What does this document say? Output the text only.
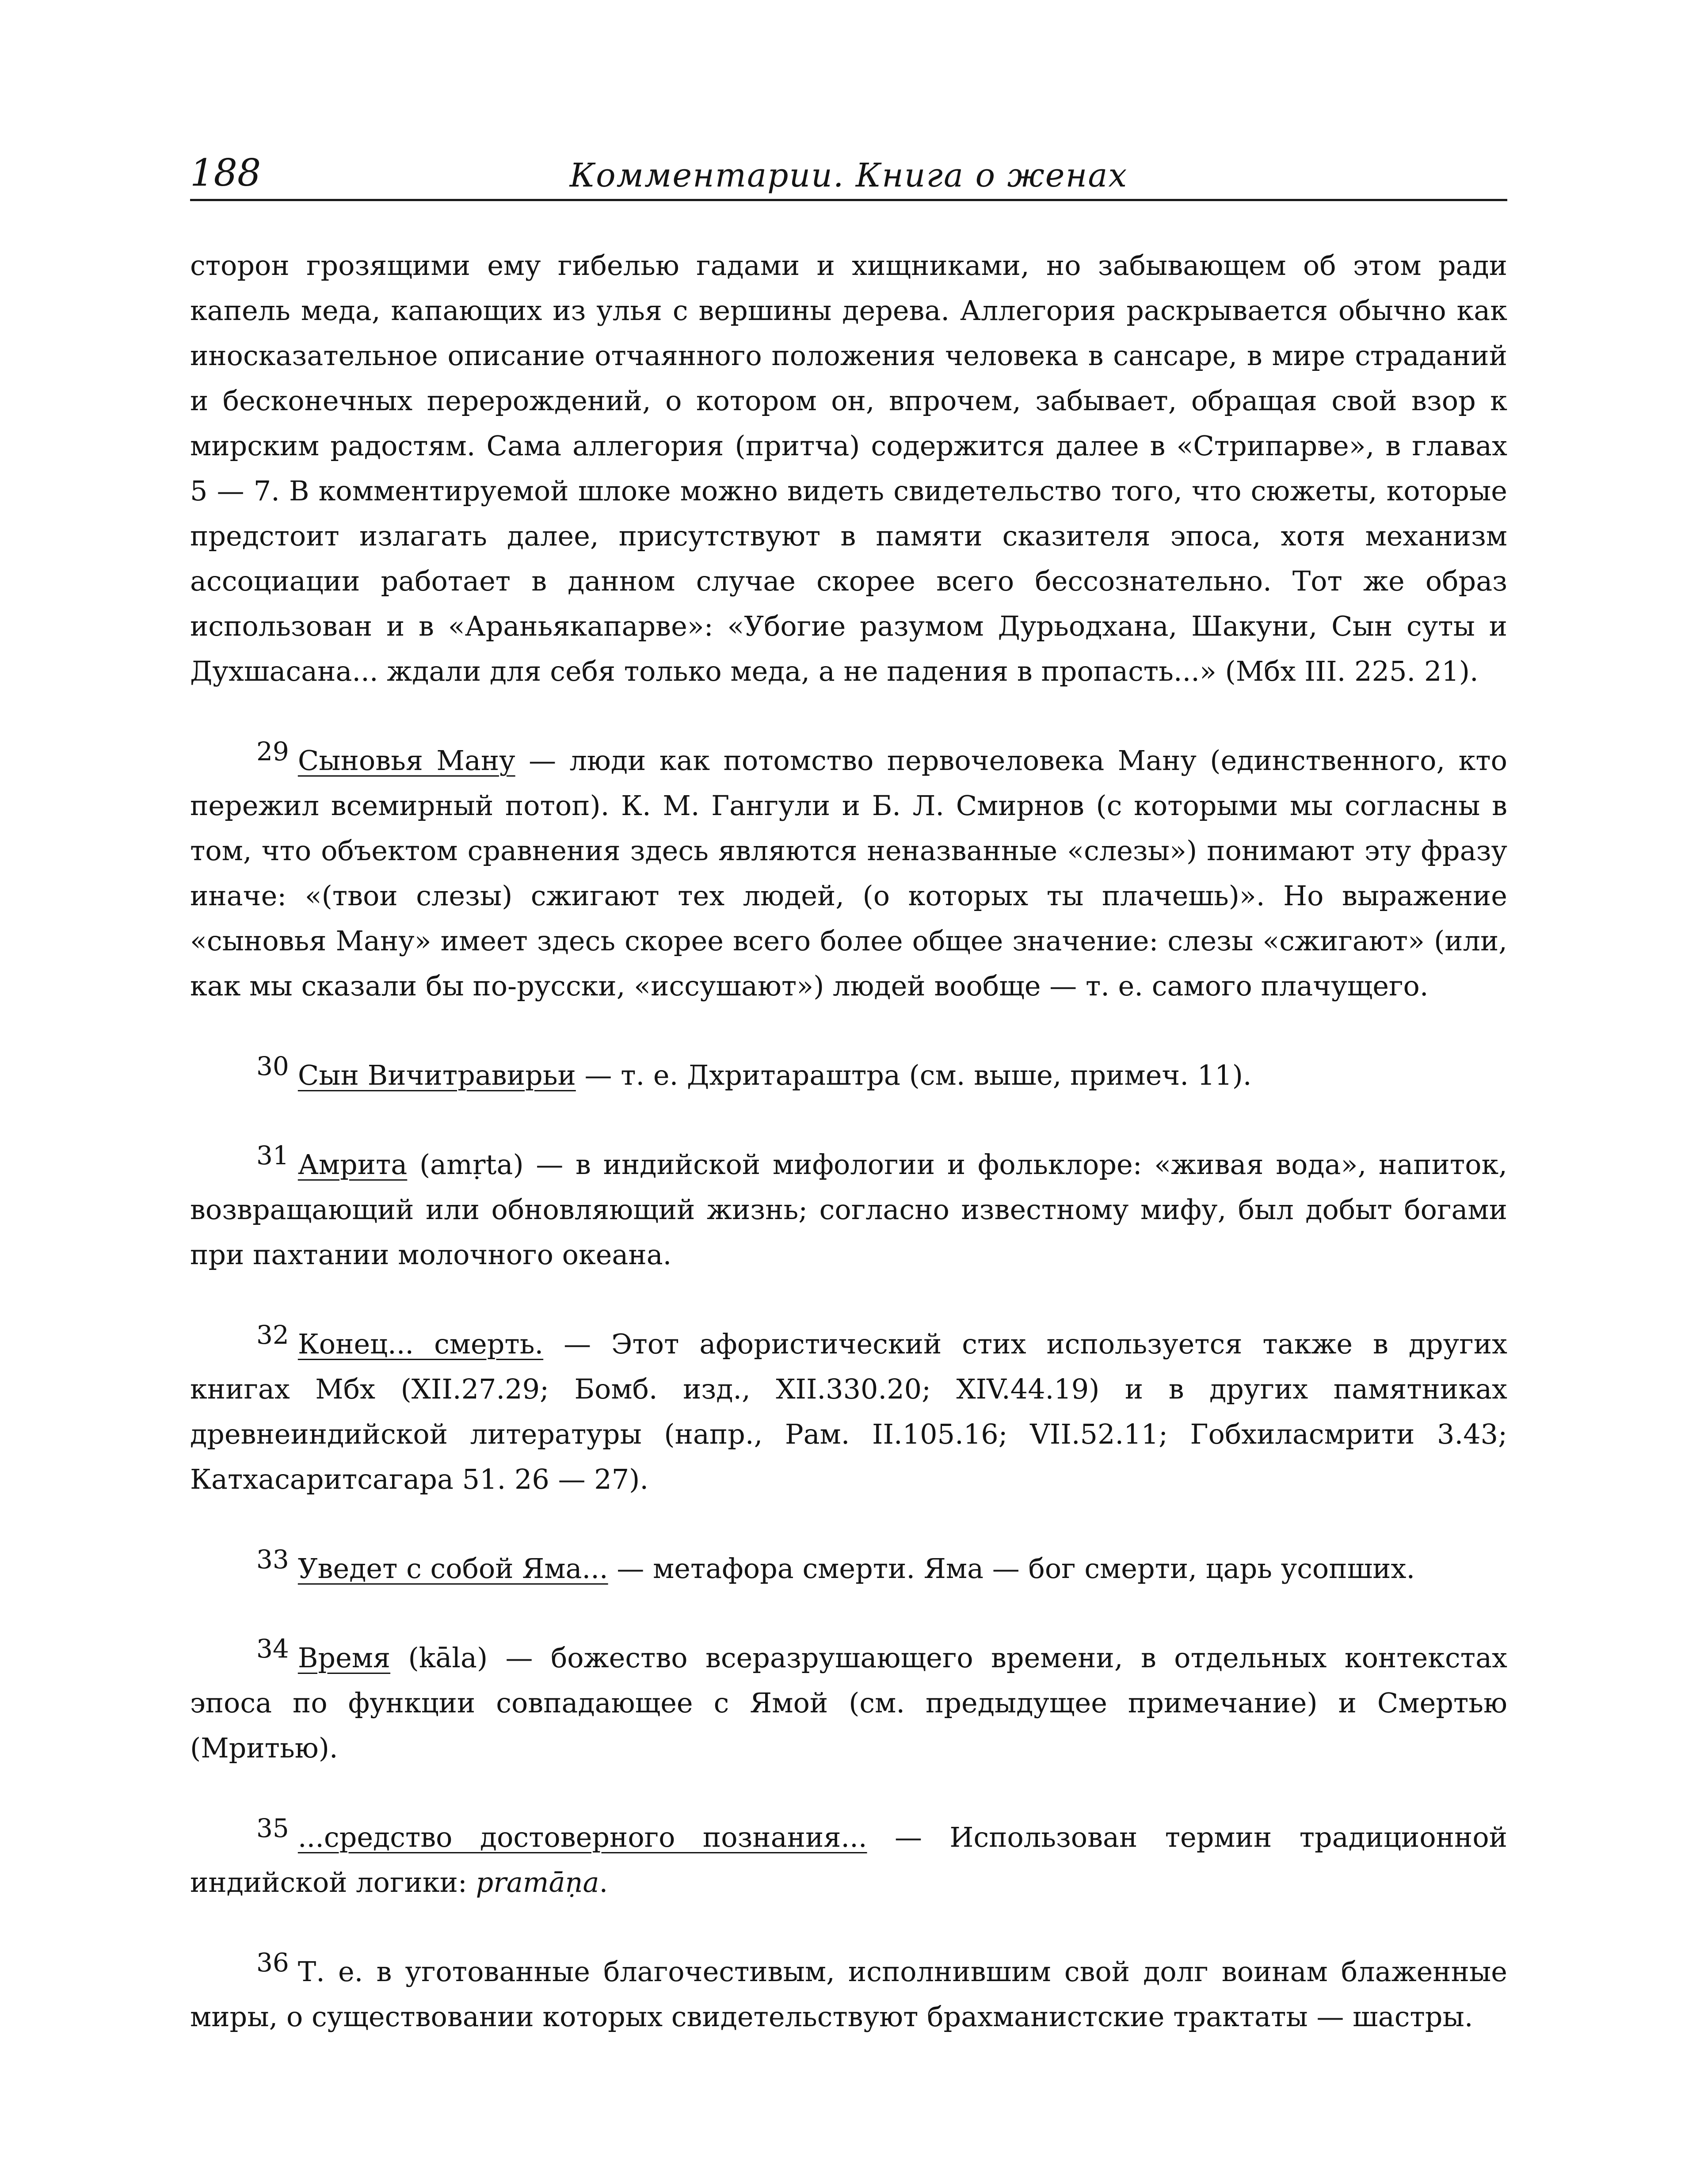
188	Комментарии. Книга о женах

сторон грозящими ему гибелью гадами и хищниками, но забывающем об этом ради капель меда, капающих из улья с вершины дерева. Аллегория раскрывается обычно как иносказательное описание отчаянного положения человека в сансаре, в мире страданий и бесконечных перерождений, о котором он, впрочем, забывает, обращая свой взор к мирским радостям. Сама аллегория (притча) содержится далее в «Стрипарве», в главах 5 — 7. В комментируемой шлоке можно видеть свидетельство того, что сюжеты, которые предстоит излагать далее, присутствуют в памяти сказителя эпоса, хотя механизм ассоциации работает в данном случае скорее всего бессознательно. Тот же образ использован и в «Араньякапарве»: «Убогие разумом Дурьодхана, Шакуни, Сын суты и Духшасана... ждали для себя только меда, а не падения в пропасть...» (Мбх III. 225. 21).

29 Сыновья Ману — люди как потомство первочеловека Ману (единственного, кто пережил всемирный потоп). К. М. Гангули и Б. Л. Смирнов (с которыми мы согласны в том, что объектом сравнения здесь являются неназванные «слезы») понимают эту фразу иначе: «(твои слезы) сжигают тех людей, (о которых ты плачешь)». Но выражение «сыновья Ману» имеет здесь скорее всего более общее значение: слезы «сжигают» (или, как мы сказали бы по-русски, «иссушают») людей вообще — т. е. самого плачущего.

30 Сын Вичитравирьи — т. е. Дхритараштра (см. выше, примеч. 11).

31 Амрита (amṛta) — в индийской мифологии и фольклоре: «живая вода», напиток, возвращающий или обновляющий жизнь; согласно известному мифу, был добыт богами при пахтании молочного океана.

32 Конец... смерть. — Этот афористический стих используется также в других книгах Мбх (XII.27.29; Бомб. изд., XII.330.20; XIV.44.19) и в других памятниках древнеиндийской литературы (напр., Рам. II.105.16; VII.52.11; Гобхиласмрити 3.43; Катхасаритсагара 51. 26 — 27).

33 Уведет с собой Яма... — метафора смерти. Яма — бог смерти, царь усопших.

34 Время (kāla) — божество всеразрушающего времени, в отдельных контекстах эпоса по функции совпадающее с Ямой (см. предыдущее примечание) и Смертью (Мритью).

35 ...средство достоверного познания... — Использован термин традиционной индийской логики: pramāṇa.

36 Т. е. в уготованные благочестивым, исполнившим свой долг воинам блаженные миры, о существовании которых свидетельствуют брахманистские трактаты — шастры.
